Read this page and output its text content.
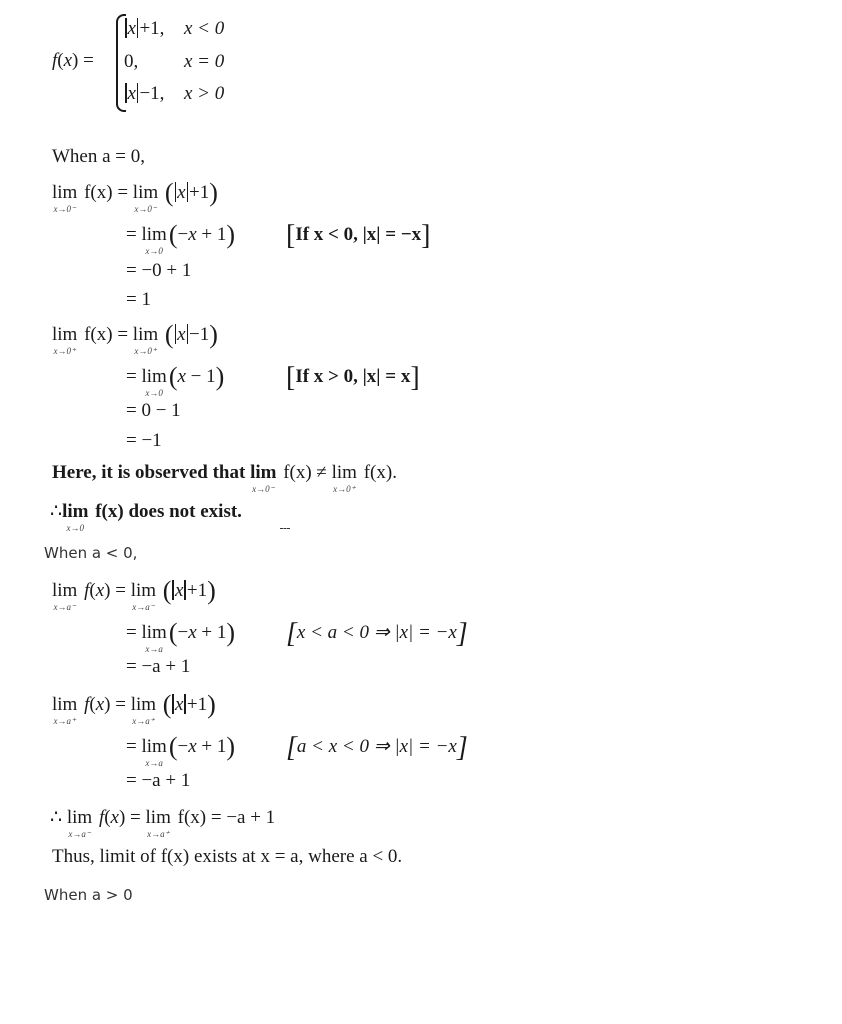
f(x) =
x +1, x < 0
0, x = 0
x −1, x > 0
When a = 0,
lim
x→0⁻
f(x) = lim
x→0⁻
( x +1)
= lim
x→0
(−x + 1) [If x < 0, |x| = −x]
= −0 + 1
= 1
lim
x→0⁺
f(x) = lim
x→0⁺
( x −1)
= lim
x→0
(x − 1) [If x > 0, |x| = x]
= 0 − 1
= −1
Here, it is observed that lim
x→0⁻
f(x) ≠ lim
x→0⁺
f(x).
∴ lim
x→0
f(x) does not exist.
When a < 0,
lim
x→a⁻
f(x) = lim
x→a⁻
( x +1)
= lim
x→a
(−x + 1) [x < a < 0 ⇒ |x| = −x]
= −a + 1
lim
x→a⁺
f(x) = lim
x→a⁺
( x +1)
= lim
x→a
(−x + 1) [a < x < 0 ⇒ |x| = −x]
= −a + 1
∴ lim
x→a⁻
f(x) = lim
x→a⁺
f(x) = −a + 1
Thus, limit of f(x) exists at x = a, where a < 0.
When a > 0
